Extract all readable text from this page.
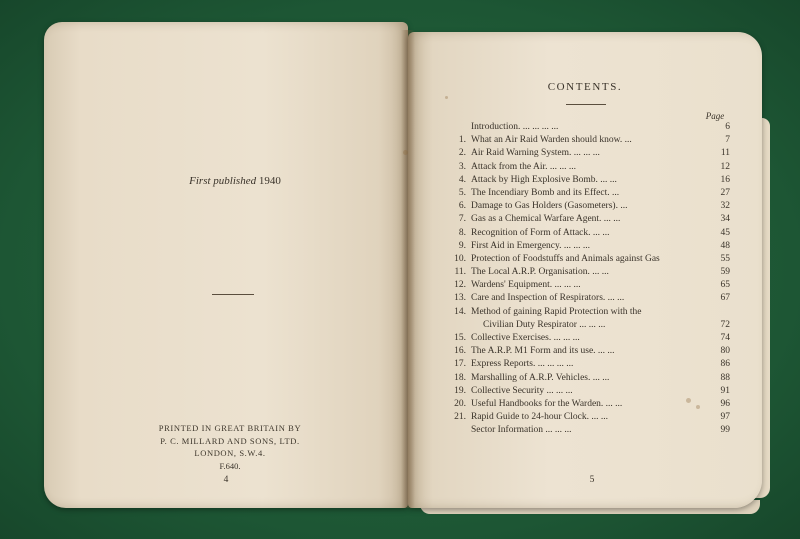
First published 1940
PRINTED IN GREAT BRITAIN BY
P. C. MILLARD AND SONS, LTD.
LONDON, S.W.4.
F.640.
4
CONTENTS.
Page
Introduction. ... ... ... ...	6
1. What an Air Raid Warden should know. ...	7
2. Air Raid Warning System. ... ... ...	11
3. Attack from the Air. ... ... ...	12
4. Attack by High Explosive Bomb. ... ...	16
5. The Incendiary Bomb and its Effect. ...	27
6. Damage to Gas Holders (Gasometers). ...	32
7. Gas as a Chemical Warfare Agent. ... ...	34
8. Recognition of Form of Attack. ... ...	45
9. First Aid in Emergency. ... ... ...	48
10. Protection of Foodstuffs and Animals against Gas	55
11. The Local A.R.P. Organisation. ... ...	59
12. Wardens' Equipment. ... ... ...	65
13. Care and Inspection of Respirators. ... ...	67
14. Method of gaining Rapid Protection with the
Civilian Duty Respirator ... ... ...	72
15. Collective Exercises. ... ... ...	74
16. The A.R.P. M1 Form and its use. ... ...	80
17. Express Reports. ... ... ... ...	86
18. Marshalling of A.R.P. Vehicles. ... ...	88
19. Collective Security ... ... ...	91
20. Useful Handbooks for the Warden. ... ...	96
21. Rapid Guide to 24-hour Clock. ... ...	97
Sector Information ... ... ...	99
5
